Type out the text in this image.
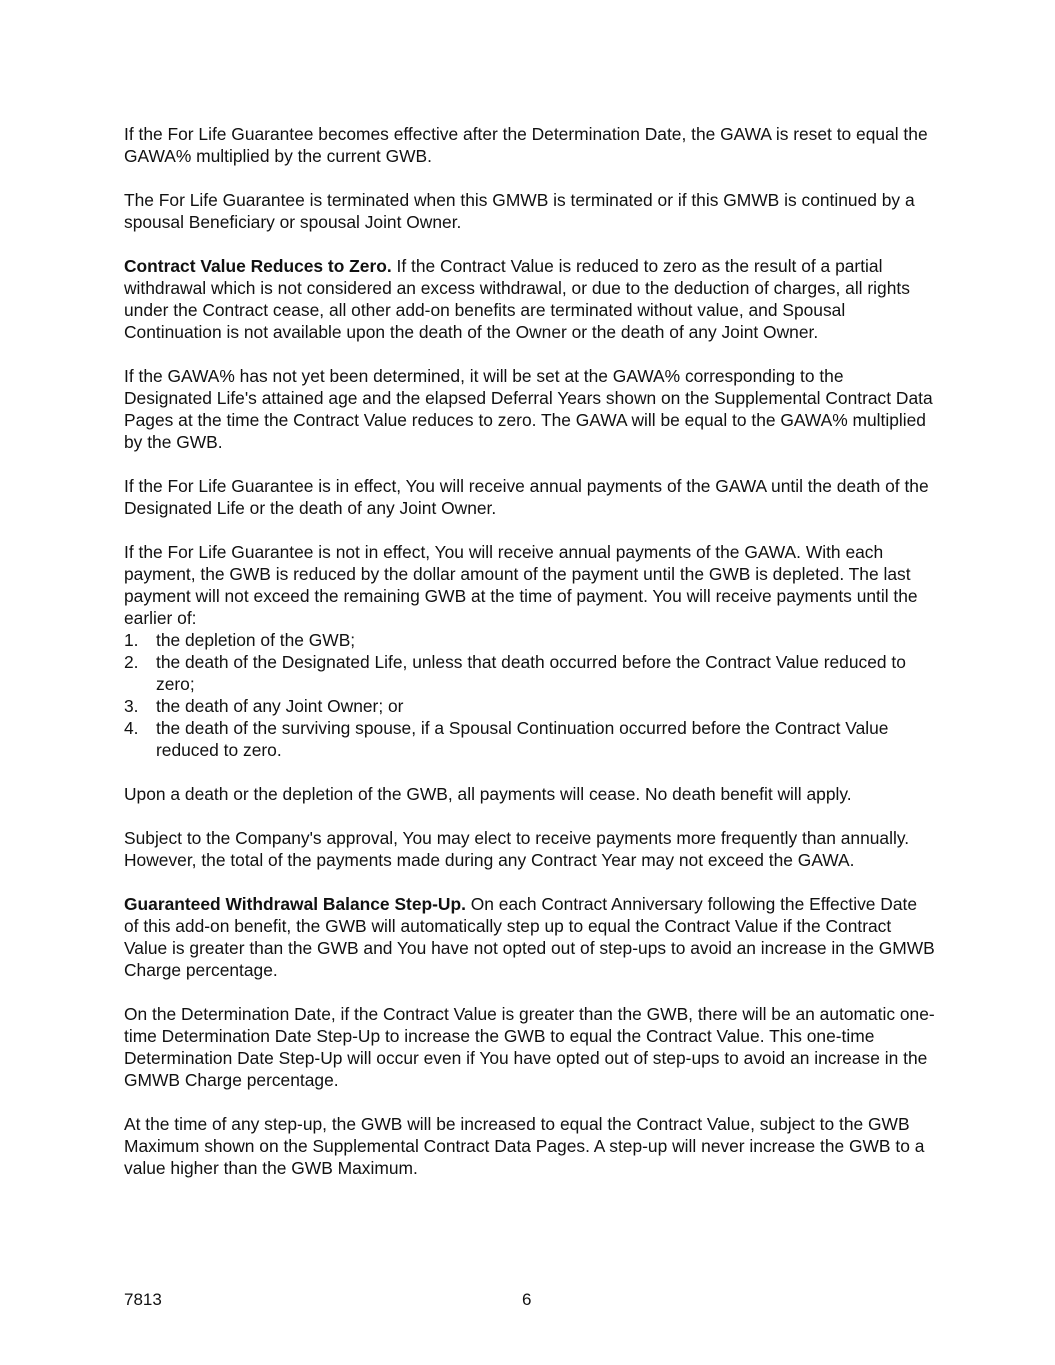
If the For Life Guarantee becomes effective after the Determination Date, the GAWA is reset to equal the GAWA% multiplied by the current GWB.

The For Life Guarantee is terminated when this GMWB is terminated or if this GMWB is continued by a spousal Beneficiary or spousal Joint Owner.

Contract Value Reduces to Zero. If the Contract Value is reduced to zero as the result of a partial withdrawal which is not considered an excess withdrawal, or due to the deduction of charges, all rights under the Contract cease, all other add-on benefits are terminated without value, and Spousal Continuation is not available upon the death of the Owner or the death of any Joint Owner.

If the GAWA% has not yet been determined, it will be set at the GAWA% corresponding to the Designated Life's attained age and the elapsed Deferral Years shown on the Supplemental Contract Data Pages at the time the Contract Value reduces to zero. The GAWA will be equal to the GAWA% multiplied by the GWB.

If the For Life Guarantee is in effect, You will receive annual payments of the GAWA until the death of the Designated Life or the death of any Joint Owner.

If the For Life Guarantee is not in effect, You will receive annual payments of the GAWA. With each payment, the GWB is reduced by the dollar amount of the payment until the GWB is depleted. The last payment will not exceed the remaining GWB at the time of payment. You will receive payments until the earlier of:

1. the depletion of the GWB;
2. the death of the Designated Life, unless that death occurred before the Contract Value reduced to zero;
3. the death of any Joint Owner; or
4. the death of the surviving spouse, if a Spousal Continuation occurred before the Contract Value reduced to zero.

Upon a death or the depletion of the GWB, all payments will cease. No death benefit will apply.

Subject to the Company's approval, You may elect to receive payments more frequently than annually. However, the total of the payments made during any Contract Year may not exceed the GAWA.

Guaranteed Withdrawal Balance Step-Up. On each Contract Anniversary following the Effective Date of this add-on benefit, the GWB will automatically step up to equal the Contract Value if the Contract Value is greater than the GWB and You have not opted out of step-ups to avoid an increase in the GMWB Charge percentage.

On the Determination Date, if the Contract Value is greater than the GWB, there will be an automatic one-time Determination Date Step-Up to increase the GWB to equal the Contract Value. This one-time Determination Date Step-Up will occur even if You have opted out of step-ups to avoid an increase in the GMWB Charge percentage.

At the time of any step-up, the GWB will be increased to equal the Contract Value, subject to the GWB Maximum shown on the Supplemental Contract Data Pages. A step-up will never increase the GWB to a value higher than the GWB Maximum.

7813	6
